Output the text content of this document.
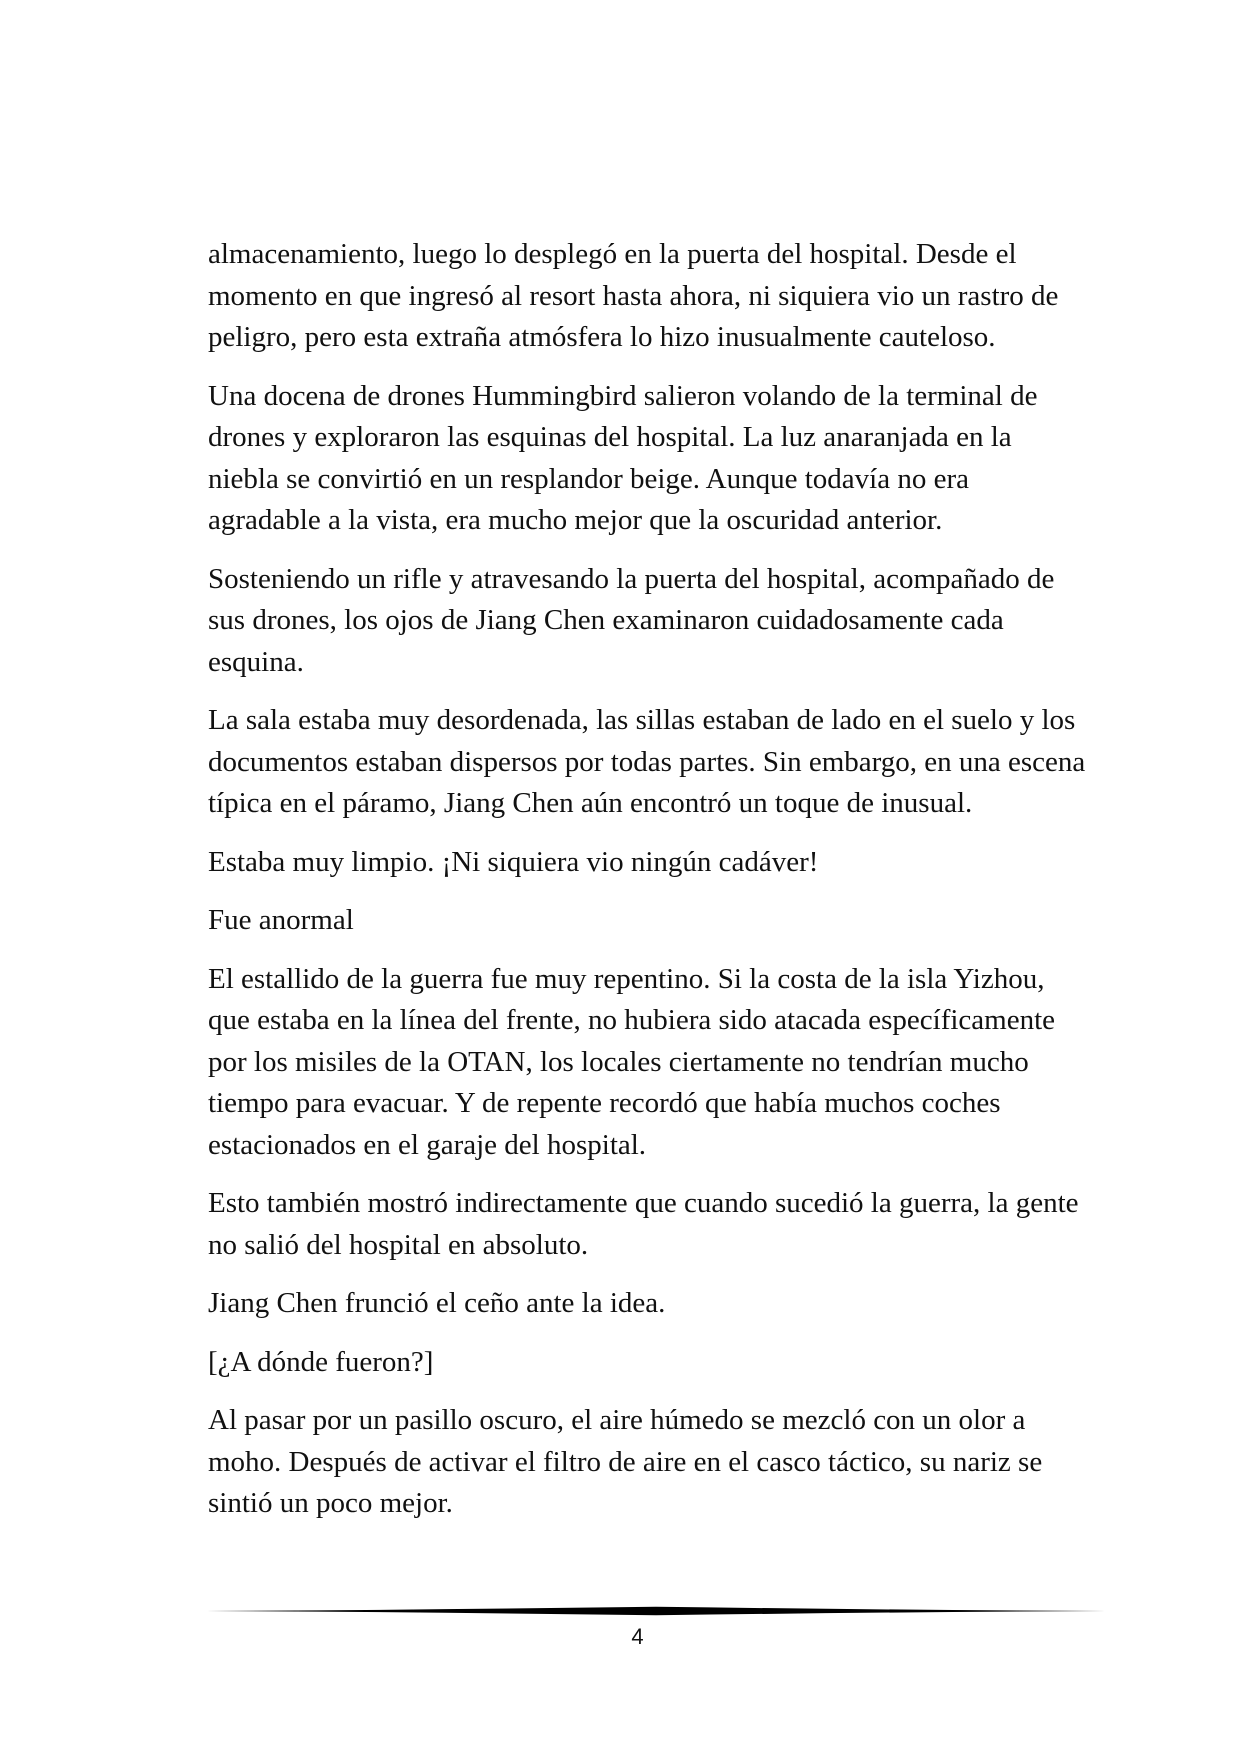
almacenamiento, luego lo desplegó en la puerta del hospital. Desde el momento en que ingresó al resort hasta ahora, ni siquiera vio un rastro de peligro, pero esta extraña atmósfera lo hizo inusualmente cauteloso.

Una docena de drones Hummingbird salieron volando de la terminal de drones y exploraron las esquinas del hospital. La luz anaranjada en la niebla se convirtió en un resplandor beige. Aunque todavía no era agradable a la vista, era mucho mejor que la oscuridad anterior.

Sosteniendo un rifle y atravesando la puerta del hospital, acompañado de sus drones, los ojos de Jiang Chen examinaron cuidadosamente cada esquina.

La sala estaba muy desordenada, las sillas estaban de lado en el suelo y los documentos estaban dispersos por todas partes. Sin embargo, en una escena típica en el páramo, Jiang Chen aún encontró un toque de inusual.

Estaba muy limpio. ¡Ni siquiera vio ningún cadáver!

Fue anormal

El estallido de la guerra fue muy repentino. Si la costa de la isla Yizhou, que estaba en la línea del frente, no hubiera sido atacada específicamente por los misiles de la OTAN, los locales ciertamente no tendrían mucho tiempo para evacuar. Y de repente recordó que había muchos coches estacionados en el garaje del hospital.

Esto también mostró indirectamente que cuando sucedió la guerra, la gente no salió del hospital en absoluto.

Jiang Chen frunció el ceño ante la idea.

[¿A dónde fueron?]

Al pasar por un pasillo oscuro, el aire húmedo se mezcló con un olor a moho. Después de activar el filtro de aire en el casco táctico, su nariz se sintió un poco mejor.

4
